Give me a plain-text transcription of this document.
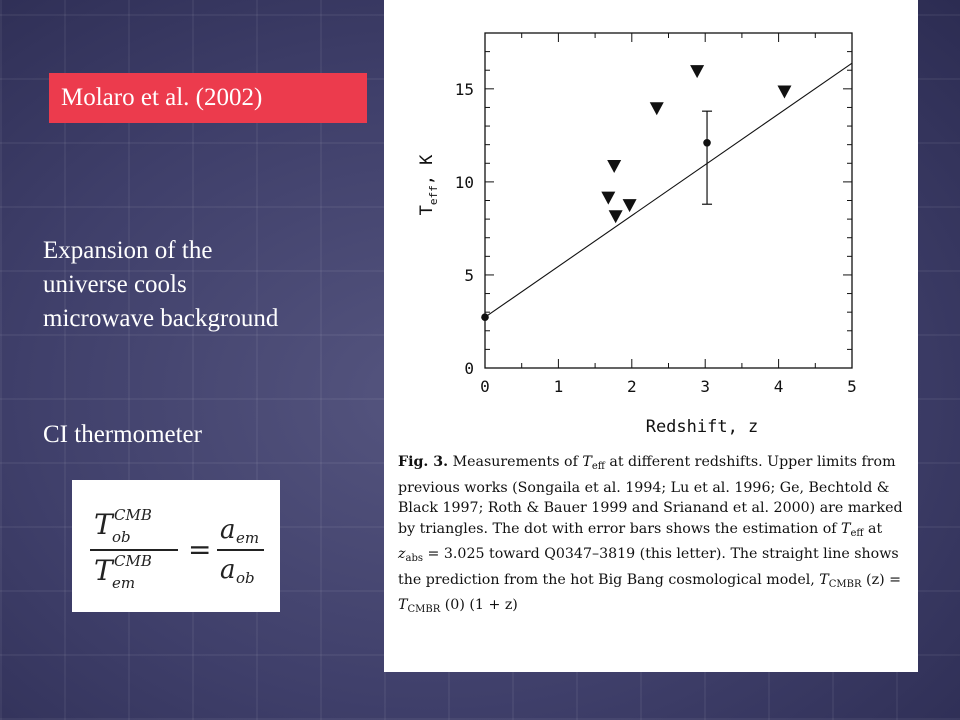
Molaro et al. (2002)
Expansion of the universe cools microwave background
CI thermometer
T CMB
ob
T CMB
em
=
a em
a ob
0	1	2	3	4	5
0
5
10
15
Redshift, z
$T_{eff}$, K
Fig. 3. Measurements of $T_{eff}$ at different redshifts. Upper limits from previous works (Songaila et al. 1994; Lu et al. 1996; Ge, Bechtold & Black 1997; Roth & Bauer 1999 and Srianand et al. 2000) are marked by triangles. The dot with error bars shows the estimation of $T_{eff}$ at $z_{abs} = 3.025$ toward Q0347–3819 (this letter). The straight line shows the prediction from the hot Big Bang cosmological model, $T_{CMBR}$ $(z) = T_{CMBR}$ (0) (1 + z)
